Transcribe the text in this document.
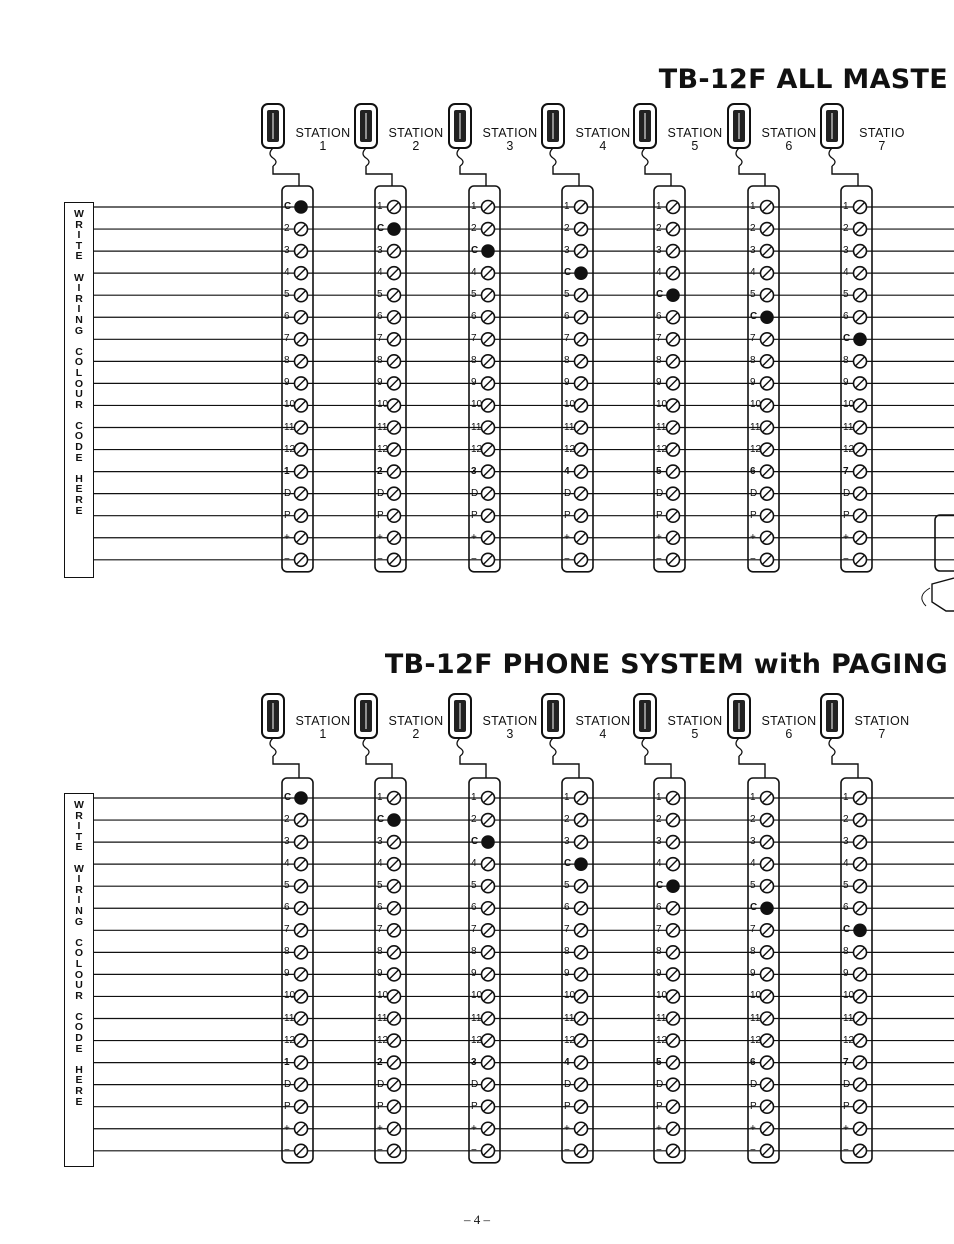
TB-12F ALL MASTE
TB-12F PHONE SYSTEM with PAGING
W
R
I
T
E

W
I
R
I
N
G

C
O
L
O
U
R

C
O
D
E

H
E
R
E
STATION
1
C
2
3
4
5
6
7
8
9
10
11
12
1
D
P
+
−
STATION
2
1
C
3
4
5
6
7
8
9
10
11
12
2
D
P
+
−
STATION
3
1
2
C
4
5
6
7
8
9
10
11
12
3
D
P
+
−
STATION
4
1
2
3
C
5
6
7
8
9
10
11
12
4
D
P
+
−
STATION
5
1
2
3
4
C
6
7
8
9
10
11
12
5
D
P
+
−
STATION
6
1
2
3
4
5
C
7
8
9
10
11
12
6
D
P
+
−
STATIO
7
1
2
3
4
5
6
C
8
9
10
11
12
7
D
P
+
−
W
R
I
T
E

W
I
R
I
N
G

C
O
L
O
U
R

C
O
D
E

H
E
R
E
STATION
1
C
2
3
4
5
6
7
8
9
10
11
12
1
D
P
+
−
STATION
2
1
C
3
4
5
6
7
8
9
10
11
12
2
D
P
+
−
STATION
3
1
2
C
4
5
6
7
8
9
10
11
12
3
D
P
+
−
STATION
4
1
2
3
C
5
6
7
8
9
10
11
12
4
D
P
+
−
STATION
5
1
2
3
4
C
6
7
8
9
10
11
12
5
D
P
+
−
STATION
6
1
2
3
4
5
C
7
8
9
10
11
12
6
D
P
+
−
STATION
7
1
2
3
4
5
6
C
8
9
10
11
12
7
D
P
+
−
– 4 –
